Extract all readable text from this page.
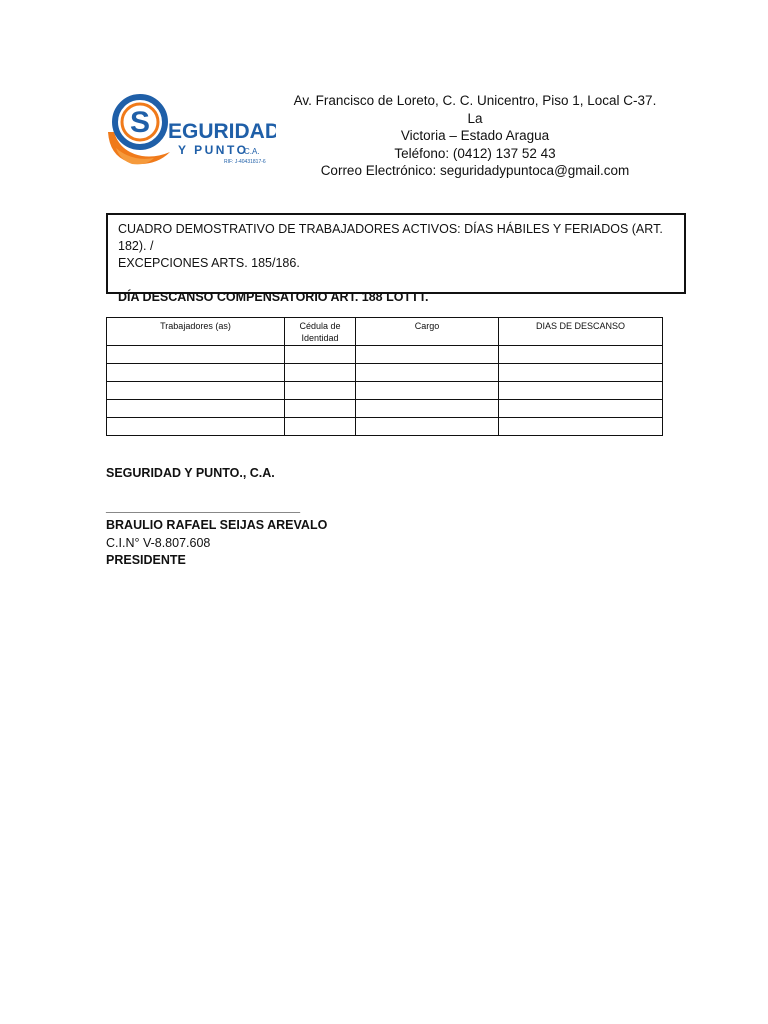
S EGURIDAD
Y PUNTO
C.A.
RIF: J-40431817-6
Av. Francisco de Loreto, C. C. Unicentro, Piso 1, Local C-37. La
Victoria – Estado Aragua
Teléfono: (0412) 137 52 43
Correo Electrónico: seguridadypuntoca@gmail.com
CUADRO DEMOSTRATIVO DE TRABAJADORES ACTIVOS: DÍAS HÁBILES Y FERIADOS (ART. 182). /
EXCEPCIONES ARTS. 185/186.
DÍA DESCANSO COMPENSATORIO ART. 188 LOTTT.
Trabajadores (as)	Cédula de Identidad	Cargo	DIAS DE DESCANSO

SEGURIDAD Y PUNTO., C.A.
______________________________
BRAULIO RAFAEL SEIJAS AREVALO
C.I.N° V-8.807.608
PRESIDENTE
